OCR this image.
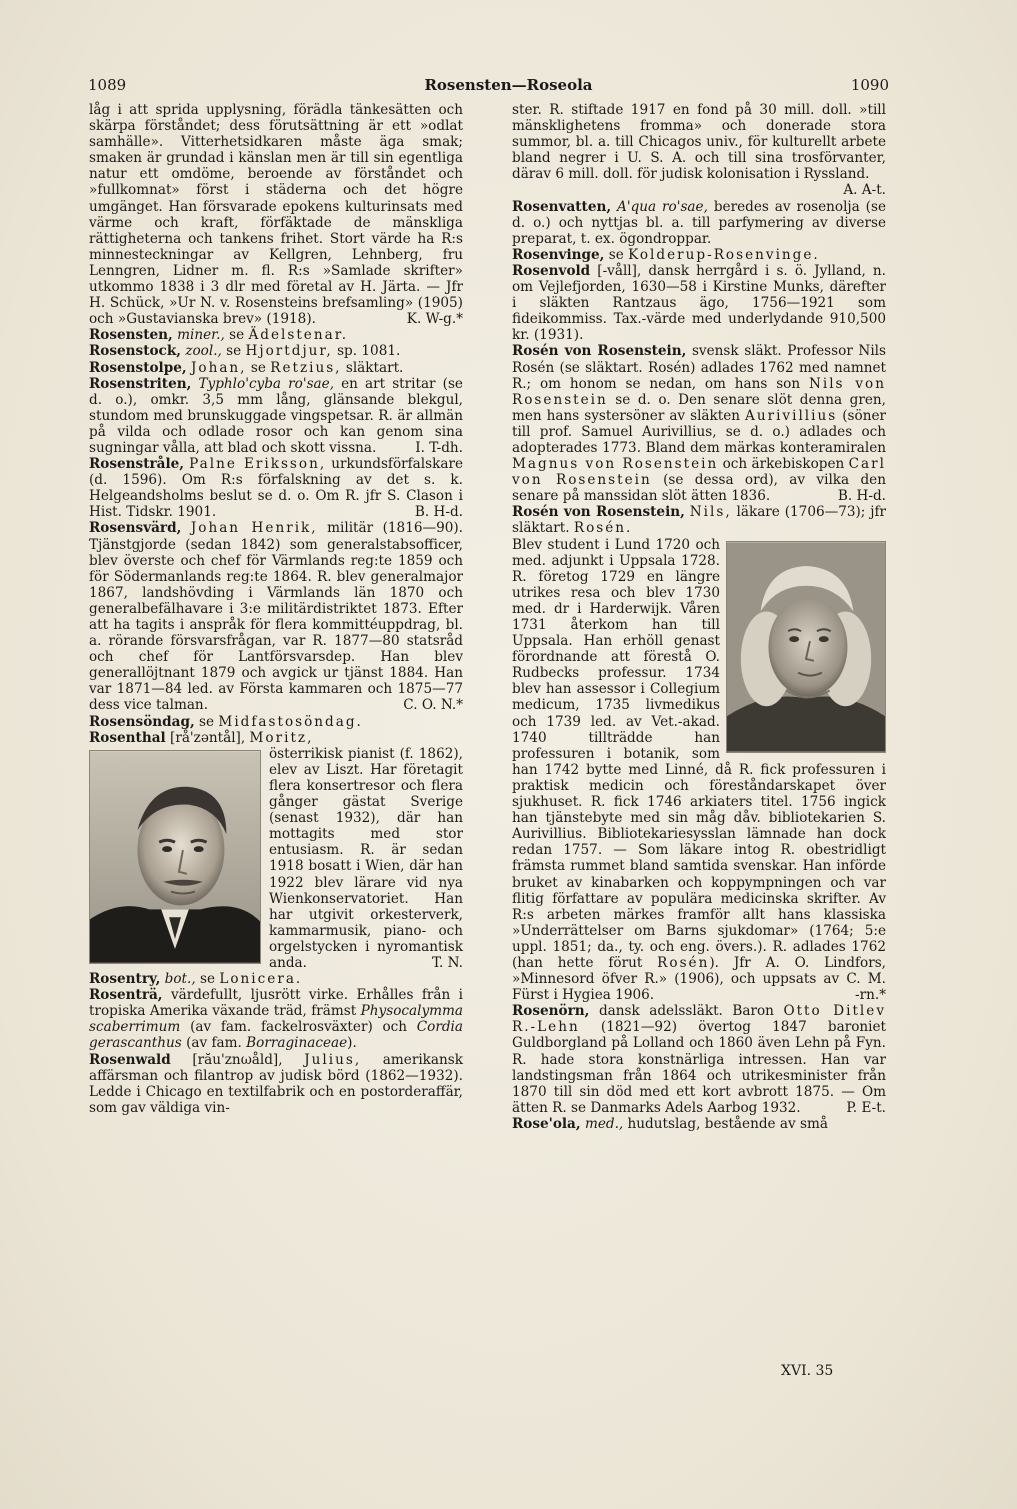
1089	Rosensten—Roseola	1090

låg i att sprida upplysning, förädla tänkesätten och skärpa förståndet; dess förutsättning är ett »odlat samhälle». Vitterhetsidkaren måste äga smak; smaken är grundad i känslan men är till sin egentliga natur ett omdöme, beroende av förståndet och »fullkomnat» först i städerna och det högre umgänget. Han försvarade epokens kulturinsats med värme och kraft, förfäktade de mänskliga rättigheterna och tankens frihet. Stort värde ha R:s minnesteckningar av Kellgren, Lehnberg, fru Lenngren, Lidner m. fl. R:s »Samlade skrifter» utkommo 1838 i 3 dlr med företal av H. Järta. — Jfr H. Schück, »Ur N. v. Rosensteins brefsamling» (1905) och »Gustavianska brev» (1918).	K. W-g.*

Rosensten, miner., se Ädelstenar.

Rosenstock, zool., se Hjortdjur, sp. 1081.

Rosenstolpe, Johan, se Retzius, släktart.

Rosenstriten, Typhlo'cyba ro'sae, en art stritar (se d. o.), omkr. 3,5 mm lång, glänsande blekgul, stundom med brunskuggade vingspetsar. R. är allmän på vilda och odlade rosor och kan genom sina sugningar vålla, att blad och skott vissna.	I. T-dh.

Rosenstråle, Palne Eriksson, urkundsförfalskare (d. 1596). Om R:s förfalskning av det s. k. Helgeandsholms beslut se d. o. Om R. jfr S. Clason i Hist. Tidskr. 1901.	B. H-d.

Rosensvärd, Johan Henrik, militär (1816—90). Tjänstgjorde (sedan 1842) som generalstabsofficer, blev överste och chef för Värmlands reg:te 1859 och för Södermanlands reg:te 1864. R. blev generalmajor 1867, landshövding i Värmlands län 1870 och generalbefälhavare i 3:e militärdistriktet 1873. Efter att ha tagits i anspråk för flera kommittéuppdrag, bl. a. rörande försvarsfrågan, var R. 1877—80 statsråd och chef för Lantförsvarsdep. Han blev generallöjtnant 1879 och avgick ur tjänst 1884. Han var 1871—84 led. av Första kammaren och 1875—77 dess vice talman.	C. O. N.*

Rosensöndag, se Midfastosöndag.

Rosenthal [rå'zəntål], Moritz,

österrikisk pianist (f. 1862), elev av Liszt. Har företagit flera konsertresor och flera gånger gästat Sverige (senast 1932), där han mottagits med stor entusiasm. R. är sedan 1918 bosatt i Wien, där han 1922 blev lärare vid nya Wienkonservatoriet. Han har utgivit orkesterverk, kammarmusik, piano- och orgelstycken i nyromantisk anda.	T. N.

Rosentry, bot., se Lonicera.

Rosenträ, värdefullt, ljusrött virke. Erhålles från i tropiska Amerika växande träd, främst Physocalymma scaberrimum (av fam. fackelrosväxter) och Cordia gerascanthus (av fam. Borraginaceae).

Rosenwald [rău'znωåld], Julius, amerikansk affärsman och filantrop av judisk börd (1862—1932). Ledde i Chicago en textilfabrik och en postorderaffär, som gav väldiga vin-

ster. R. stiftade 1917 en fond på 30 mill. doll. »till mänsklighetens fromma» och donerade stora summor, bl. a. till Chicagos univ., för kulturellt arbete bland negrer i U. S. A. och till sina trosförvanter, därav 6 mill. doll. för judisk kolonisation i Ryssland.
A. A-t.

Rosenvatten, A'qua ro'sae, beredes av rosenolja (se d. o.) och nyttjas bl. a. till parfymering av diverse preparat, t. ex. ögondroppar.

Rosenvinge, se Kolderup-Rosenvinge.

Rosenvold [-våll], dansk herrgård i s. ö. Jylland, n. om Vejlefjorden, 1630—58 i Kirstine Munks, därefter i släkten Rantzaus ägo, 1756—1921 som fideikommiss. Tax.-värde med underlydande 910,500 kr. (1931).

Rosén von Rosenstein, svensk släkt. Professor Nils Rosén (se släktart. Rosén) adlades 1762 med namnet R.; om honom se nedan, om hans son Nils von Rosenstein se d. o. Den senare slöt denna gren, men hans systersöner av släkten Aurivillius (söner till prof. Samuel Aurivillius, se d. o.) adlades och adopterades 1773. Bland dem märkas konteramiralen Magnus von Rosenstein och ärkebiskopen Carl von Rosenstein (se dessa ord), av vilka den senare på manssidan slöt ätten 1836.	B. H-d.

Rosén von Rosenstein, Nils, läkare (1706—73); jfr släktart. Rosén.

Blev student i Lund 1720 och med. adjunkt i Uppsala 1728. R. företog 1729 en längre utrikes resa och blev 1730 med. dr i Harderwijk. Våren 1731 återkom han till Uppsala. Han erhöll genast förordnande att förestå O. Rudbecks professur. 1734 blev han assessor i Collegium medicum, 1735 livmedikus och 1739 led. av Vet.-akad. 1740 tillträdde han professuren i botanik, som han 1742 bytte med Linné, då R. fick professuren i praktisk medicin och föreståndarskapet över sjukhuset. R. fick 1746 arkiaters titel. 1756 ingick han tjänstebyte med sin måg dåv. bibliotekarien S. Aurivillius. Bibliotekariesysslan lämnade han dock redan 1757. — Som läkare intog R. obestridligt främsta rummet bland samtida svenskar. Han införde bruket av kinabarken och koppympningen och var flitig författare av populära medicinska skrifter. Av R:s arbeten märkes framför allt hans klassiska »Underrättelser om Barns sjukdomar» (1764; 5:e uppl. 1851; da., ty. och eng. övers.). R. adlades 1762 (han hette förut Rosén). Jfr A. O. Lindfors, »Minnesord öfver R.» (1906), och uppsats av C. M. Fürst i Hygiea 1906.	-rn.*

Rosenörn, dansk adelssläkt. Baron Otto Ditlev R.-Lehn (1821—92) övertog 1847 baroniet Guldborgland på Lolland och 1860 även Lehn på Fyn. R. hade stora konstnärliga intressen. Han var landstingsman från 1864 och utrikesminister från 1870 till sin död med ett kort avbrott 1875. — Om ätten R. se Danmarks Adels Aarbog 1932.	P. E-t.

Rose'ola, med., hudutslag, bestående av små

XVI. 35
